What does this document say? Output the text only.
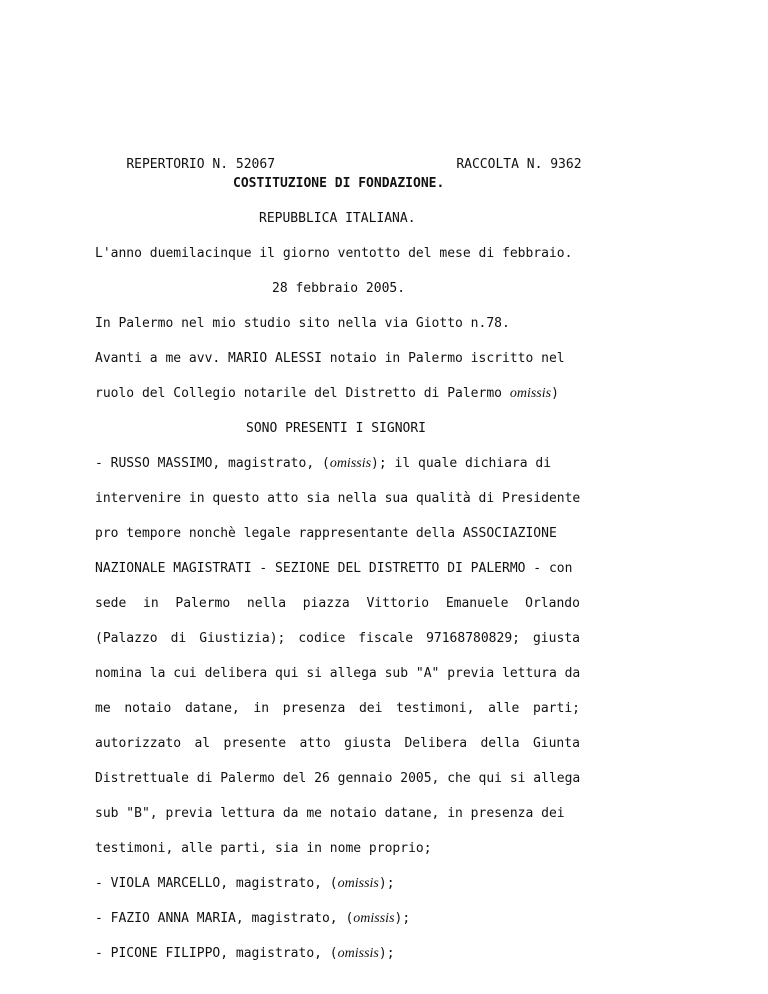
REPERTORIO N. 52067
	RACCOLTA N. 9362

COSTITUZIONE DI FONDAZIONE.
REPUBBLICA ITALIANA.
L'anno duemilacinque il giorno ventotto del mese di febbraio.
28 febbraio 2005.
In Palermo nel mio studio sito nella via Giotto n.78.
Avanti a me avv. MARIO ALESSI notaio in Palermo iscritto nel
ruolo del Collegio notarile del Distretto di Palermo omissis)
SONO PRESENTI I SIGNORI
- RUSSO MASSIMO, magistrato, (omissis); il quale dichiara di
intervenire in questo atto sia nella sua qualità di Presidente
pro tempore nonchè legale rappresentante della ASSOCIAZIONE
NAZIONALE MAGISTRATI - SEZIONE DEL DISTRETTO DI PALERMO - con
sede in Palermo nella piazza Vittorio Emanuele Orlando
(Palazzo di Giustizia); codice fiscale 97168780829; giusta
nomina la cui delibera qui si allega sub "A" previa lettura da
me notaio datane, in presenza dei testimoni, alle parti;
autorizzato al presente atto giusta Delibera della Giunta
Distrettuale di Palermo del 26 gennaio 2005, che qui si allega
sub "B", previa lettura da me notaio datane, in presenza dei
testimoni, alle parti, sia in nome proprio;
- VIOLA MARCELLO, magistrato, (omissis);
- FAZIO ANNA MARIA, magistrato, (omissis);
- PICONE FILIPPO, magistrato, (omissis);
